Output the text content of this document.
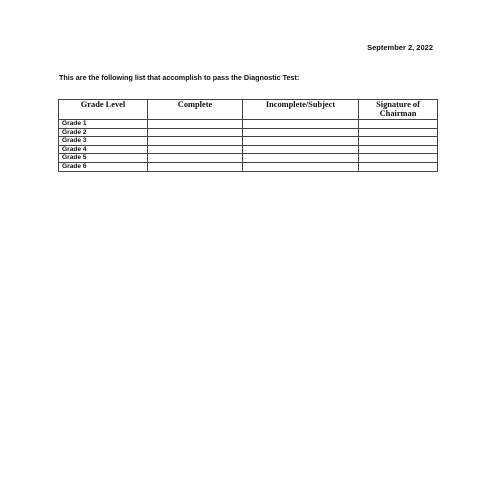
September 2, 2022
This are the following list that accomplish to pass the Diagnostic Test:
Grade Level	Complete	Incomplete/Subject	Signature of Chairman
Grade 1			
Grade 2			
Grade 3			
Grade 4			
Grade 5			
Grade 6			
